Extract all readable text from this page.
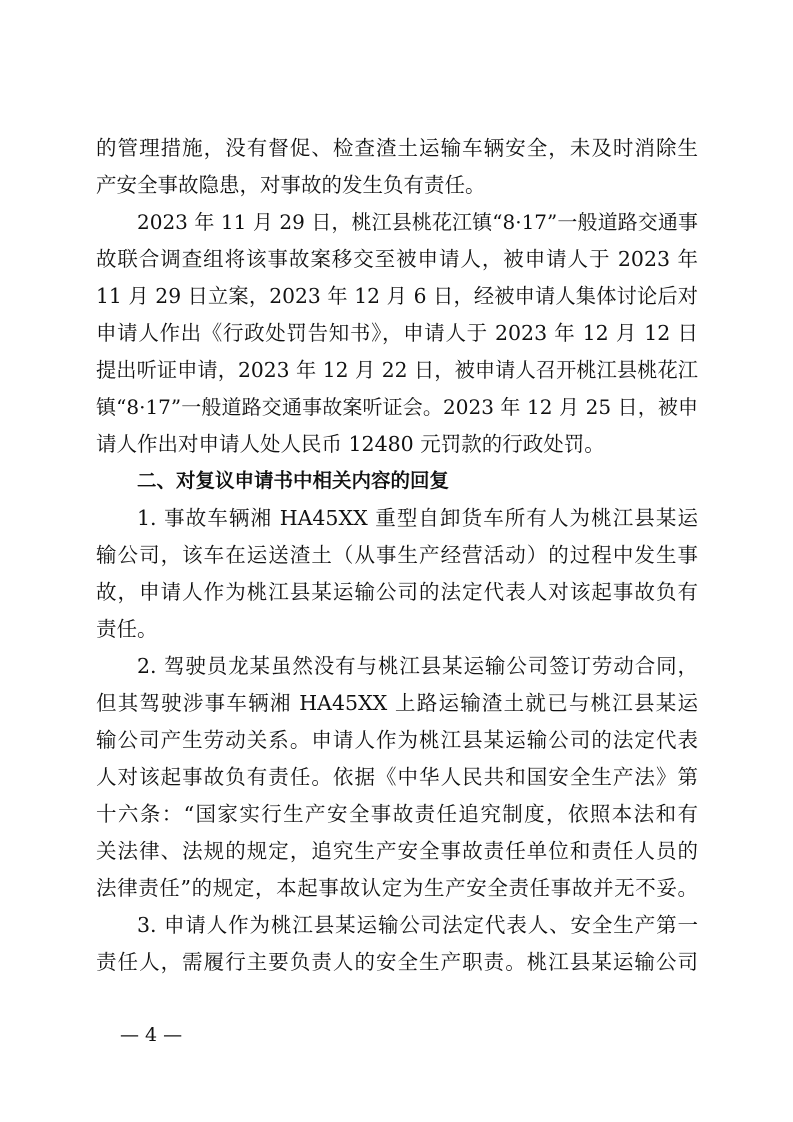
的管理措施，没有督促、检查渣土运输车辆安全，未及时消除生
产安全事故隐患，对事故的发生负有责任。
2023 年 11 月 29 日，桃江县桃花江镇“8·17”一般道路交通事
故联合调查组将该事故案移交至被申请人，被申请人于 2023 年
11 月 29 日立案，2023 年 12 月 6 日，经被申请人集体讨论后对
申请人作出《行政处罚告知书》，申请人于 2023 年 12 月 12 日
提出听证申请，2023 年 12 月 22 日，被申请人召开桃江县桃花江
镇“8·17”一般道路交通事故案听证会。2023 年 12 月 25 日，被申
请人作出对申请人处人民币 12480 元罚款的行政处罚。
二、对复议申请书中相关内容的回复
1. 事故车辆湘 HA45XX 重型自卸货车所有人为桃江县某运
输公司，该车在运送渣土（从事生产经营活动）的过程中发生事
故，申请人作为桃江县某运输公司的法定代表人对该起事故负有
责任。
2. 驾驶员龙某虽然没有与桃江县某运输公司签订劳动合同，
但其驾驶涉事车辆湘 HA45XX 上路运输渣土就已与桃江县某运
输公司产生劳动关系。申请人作为桃江县某运输公司的法定代表
人对该起事故负有责任。依据《中华人民共和国安全生产法》第
十六条：“国家实行生产安全事故责任追究制度，依照本法和有
关法律、法规的规定，追究生产安全事故责任单位和责任人员的
法律责任”的规定，本起事故认定为生产安全责任事故并无不妥。
3. 申请人作为桃江县某运输公司法定代表人、安全生产第一
责任人，需履行主要负责人的安全生产职责。桃江县某运输公司
— 4 —
